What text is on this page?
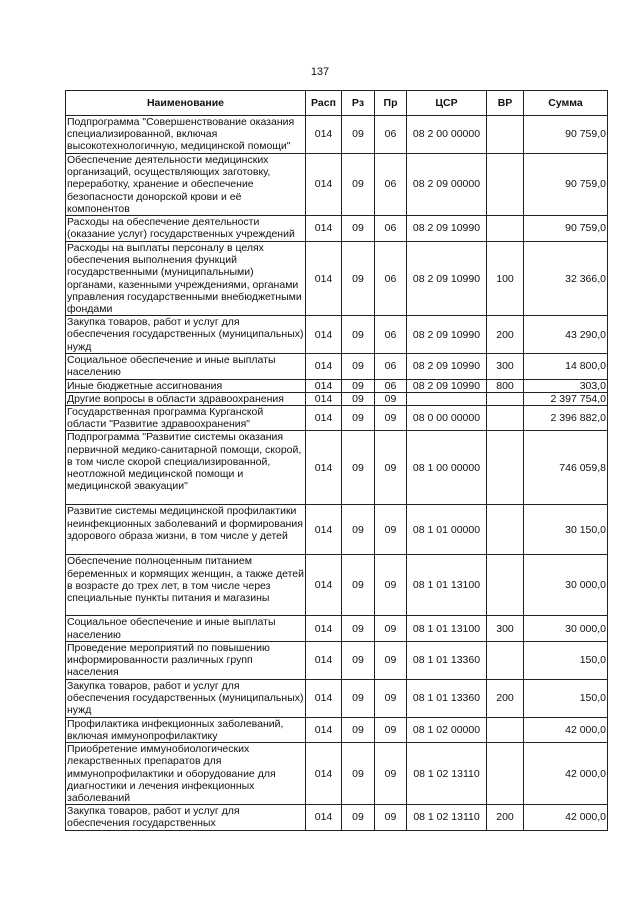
137
Наименование	Расп	Рз	Пр	ЦСР	ВР	Сумма
Подпрограмма "Совершенствование оказания специализированной, включая высокотехнологичную, медицинской помощи"	014	09	06	08 2 00 00000		90 759,0
Обеспечение деятельности медицинских организаций, осуществляющих заготовку, переработку, хранение и обеспечение безопасности донорской крови и её компонентов	014	09	06	08 2 09 00000		90 759,0
Расходы на обеспечение деятельности (оказание услуг) государственных учреждений	014	09	06	08 2 09 10990		90 759,0
Расходы на выплаты персоналу в целях обеспечения выполнения функций государственными (муниципальными) органами, казенными учреждениями, органами управления государственными внебюджетными фондами	014	09	06	08 2 09 10990	100	32 366,0
Закупка товаров, работ и услуг для обеспечения государственных (муниципальных) нужд	014	09	06	08 2 09 10990	200	43 290,0
Социальное обеспечение и иные выплаты населению	014	09	06	08 2 09 10990	300	14 800,0
Иные бюджетные ассигнования	014	09	06	08 2 09 10990	800	303,0
Другие вопросы в области здравоохранения	014	09	09			2 397 754,0
Государственная программа Курганской области "Развитие здравоохранения"	014	09	09	08 0 00 00000		2 396 882,0
Подпрограмма "Развитие системы оказания первичной медико-санитарной помощи, скорой, в том числе скорой специализированной, неотложной медицинской помощи и медицинской эвакуации"	014	09	09	08 1 00 00000		746 059,8
Развитие системы медицинской профилактики неинфекционных заболеваний и формирования здорового образа жизни, в том числе у детей	014	09	09	08 1 01 00000		30 150,0
Обеспечение полноценным питанием беременных и кормящих женщин, а также детей в возрасте до трех лет, в том числе через специальные пункты питания и магазины	014	09	09	08 1 01 13100		30 000,0
Социальное обеспечение и иные выплаты населению	014	09	09	08 1 01 13100	300	30 000,0
Проведение мероприятий по повышению информированности различных групп населения	014	09	09	08 1 01 13360		150,0
Закупка товаров, работ и услуг для обеспечения государственных (муниципальных) нужд	014	09	09	08 1 01 13360	200	150,0
Профилактика инфекционных заболеваний, включая иммунопрофилактику	014	09	09	08 1 02 00000		42 000,0
Приобретение иммунобиологических лекарственных препаратов для иммунопрофилактики и оборудование для диагностики и лечения инфекционных заболеваний	014	09	09	08 1 02 13110		42 000,0
Закупка товаров, работ и услуг для обеспечения государственных	014	09	09	08 1 02 13110	200	42 000,0
